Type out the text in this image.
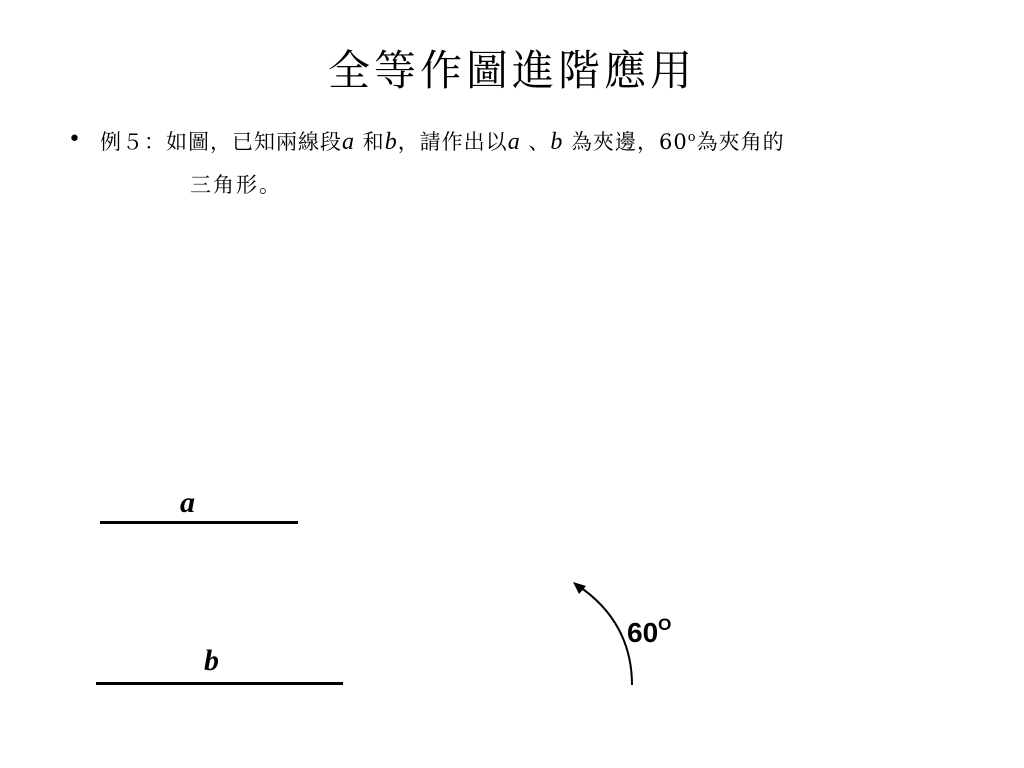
全等作圖進階應用
• 例５：如圖，已知兩線段a 和b，請作出以a 、b 為夾邊，60$^o$為夾角的
三角形。
a
b
$60^O$
